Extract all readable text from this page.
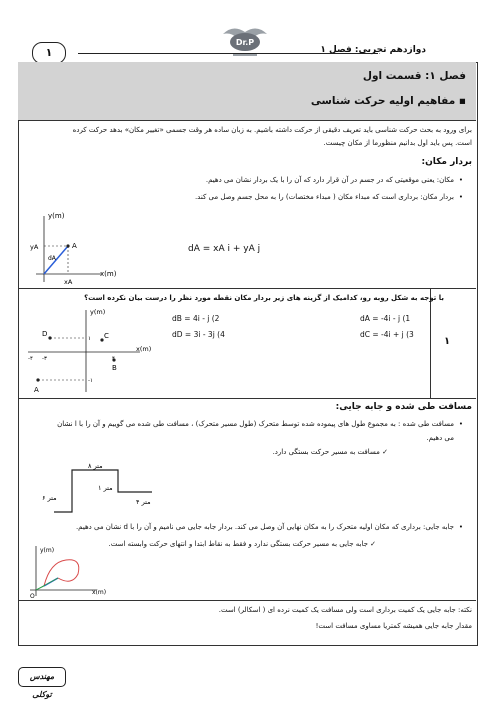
Dr.P
دوازدهم تجربی: فصل ۱
۱
فصل ۱: قسمت اول
▪ مفاهیم اولیه حرکت شناسی
برای ورود به بحث حرکت شناسی باید تعریف دقیقی از حرکت داشته باشیم. به زبان ساده هر وقت جسمی «تغییر مکان» بدهد حرکت کرده
است. پس باید اول بدانیم منظورما از مکان چیست.
بردار مکان:
• مکان: یعنی موقعیتی که در جسم در آن قرار دارد که آن را با یک بردار نشان می دهیم.
• بردار مکان: برداری است که مبداء مکان ( مبداء مختصات) را به محل جسم وصل می کند.
y(m)
x(m)
A
yA
xA
dA
dA = xA i + yA j
۱
با توجه به شکل روبه رو، کدامیک از گزینه های زیر بردار مکان نقطه مورد نظر را درست بیان نکرده است؟
y(m)
x(m)
D	C
B
A
۱
-۳
-۴	۴
-۱
dB = 4i - j (2
dD = 3i - 3j (4
dA = -4i - j (1
dC = -4i + j (3
مسافت طی شده و جابه جایی:
• مسافت طی شده : به مجموع طول های پیموده شده توسط متحرک (طول مسیر متحرک) ، مسافت طی شده می گوییم و آن را با l نشان
می دهیم.
✓ مسافت به مسیر حرکت بستگی دارد.
۸ متر
۱ متر
۶ متر	۴ متر
• جابه جایی: برداری که مکان اولیه متحرک را به مکان نهایی آن وصل می کند. بردار جابه جایی می نامیم و آن را با d نشان می دهیم.
✓ جابه جایی به مسیر حرکت بستگی ندارد و فقط به نقاط ابتدا و انتهای حرکت وابسته است.
y(m)
x(m)
O
نکته: جابه جایی یک کمیت برداری است ولی مسافت یک کمیت نرده ای ( اسکالر) است.
مقدار جابه جایی همیشه کمتریا مساوی مسافت است!
مهندس توکلی
